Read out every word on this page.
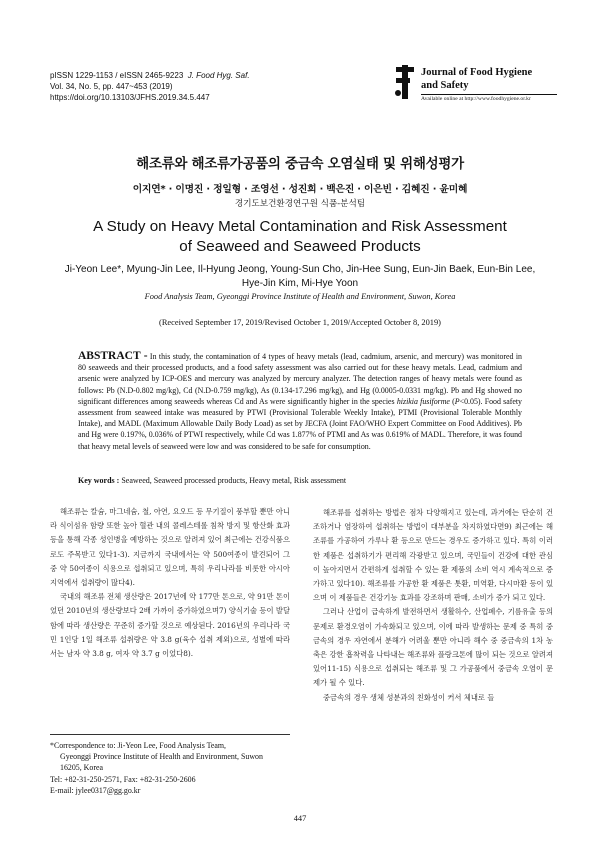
pISSN 1229-1153 / eISSN 2465-9223 J. Food Hyg. Saf.
Vol. 34, No. 5, pp. 447~453 (2019)
https://doi.org/10.13103/JFHS.2019.34.5.447
Journal of Food Hygiene
and Safety
Available online at http://www.foodhygiene.or.kr
해조류와 해조류가공품의 중금속 오염실태 및 위해성평가
이지연* · 이명진 · 정일형 · 조영선 · 성진희 · 백은진 · 이은빈 · 김혜진 · 윤미혜
경기도보건환경연구원 식품-분석팀
A Study on Heavy Metal Contamination and Risk Assessment
of Seaweed and Seaweed Products
Ji-Yeon Lee*, Myung-Jin Lee, Il-Hyung Jeong, Young-Sun Cho, Jin-Hee Sung, Eun-Jin Baek, Eun-Bin Lee,
Hye-Jin Kim, Mi-Hye Yoon
Food Analysis Team, Gyeonggi Province Institute of Health and Environment, Suwon, Korea
(Received September 17, 2019/Revised October 1, 2019/Accepted October 8, 2019)
ABSTRACT - In this study, the contamination of 4 types of heavy metals (lead, cadmium, arsenic, and mercury) was monitored in 80 seaweeds and their processed products, and a food safety assessment was also carried out for these heavy metals. Lead, cadmium and arsenic were analyzed by ICP-OES and mercury was analyzed by mercury analyzer. The detection ranges of heavy metals were found as follows: Pb (N.D-0.802 mg/kg), Cd (N.D-0.759 mg/kg), As (0.134-17.296 mg/kg), and Hg (0.0005-0.0331 mg/kg). Pb and Hg showed no significant differences among seaweeds whereas Cd and As were significantly higher in the species hizikia fusiforme (P<0.05). Food safety assessment from seaweed intake was measured by PTWI (Provisional Tolerable Weekly Intake), PTMI (Provisional Tolerable Monthly Intake), and MADL (Maximum Allowable Daily Body Load) as set by JECFA (Joint FAO/WHO Expert Committee on Food Additives). Pb and Hg were 0.197%, 0.036% of PTWI respectively, while Cd was 1.877% of PTMI and As was 0.619% of MADL. Therefore, it was found that heavy metal levels of seaweed were low and was considered to be safe for consumption.
Key words : Seaweed, Seaweed processed products, Heavy metal, Risk assessment

해조류는 칼슘, 마그네슘, 철, 아연, 요오드 등 무기질이 풍부할 뿐만 아니라 식이섬유 함량 또한 높아 혈관 내의 콜레스테롤 침착 방지 및 항산화 효과 등을 통해 각종 성인병을 예방하는 것으로 알려져 있어 최근에는 건강식품으로도 주목받고 있다1-3). 지금까지 국내에서는 약 500여종이 발견되어 그 중 약 50여종이 식용으로 섭취되고 있으며, 특히 우리나라를 비롯한 아시아 지역에서 섭취량이 많다4).

국내의 해조류 전체 생산량은 2017년에 약 177만 톤으로, 약 91만 톤이었던 2010년의 생산량보다 2배 가까이 증가하였으며7) 양식기술 등이 발달함에 따라 생산량은 꾸준히 증가할 것으로 예상된다. 2016년의 우리나라 국민 1인당 1일 해조류 섭취량은 약 3.8 g(육수 섭취 제외)으로, 성별에 따라서는 남자 약 3.8 g, 여자 약 3.7 g 이었다8).

해조류를 섭취하는 방법은 점차 다양해지고 있는데, 과거에는 단순히 건조하거나 염장하여 섭취하는 방법이 대부분을 차지하였다면9) 최근에는 해조류를 가공하여 가루나 환 등으로 만드는 경우도 증가하고 있다. 특히 이러한 제품은 섭취하기가 편리해 각광받고 있으며, 국민들이 건강에 대한 관심이 높아지면서 간편하게 섭취할 수 있는 환 제품의 소비 역시 계속적으로 증가하고 있다10). 해조류를 가공한 환 제품은 톳환, 미역환, 다시마환 등이 있으며 이 제품들은 건강기능 효과를 강조하며 판매, 소비가 증가 되고 있다.

그러나 산업이 급속하게 발전하면서 생활하수, 산업폐수, 기름유출 등의 문제로 환경오염이 가속화되고 있으며, 이에 따라 발생하는 문제 중 특히 중금속의 경우 자연에서 분해가 어려울 뿐만 아니라 해수 중 중금속의 1차 농축은 강한 흡착력을 나타내는 해조류와 플랑크톤에 많이 되는 것으로 알려져 있어11-15) 식용으로 섭취되는 해조류 및 그 가공품에서 중금속 오염이 문제가 될 수 있다.

중금속의 경우 생체 성분과의 친화성이 커서 체내로 들

*Correspondence to: Ji-Yeon Lee, Food Analysis Team,
Gyeonggi Province Institute of Health and Environment, Suwon
16205, Korea
Tel: +82-31-250-2571, Fax: +82-31-250-2606
E-mail: jylee0317@gg.go.kr
447
